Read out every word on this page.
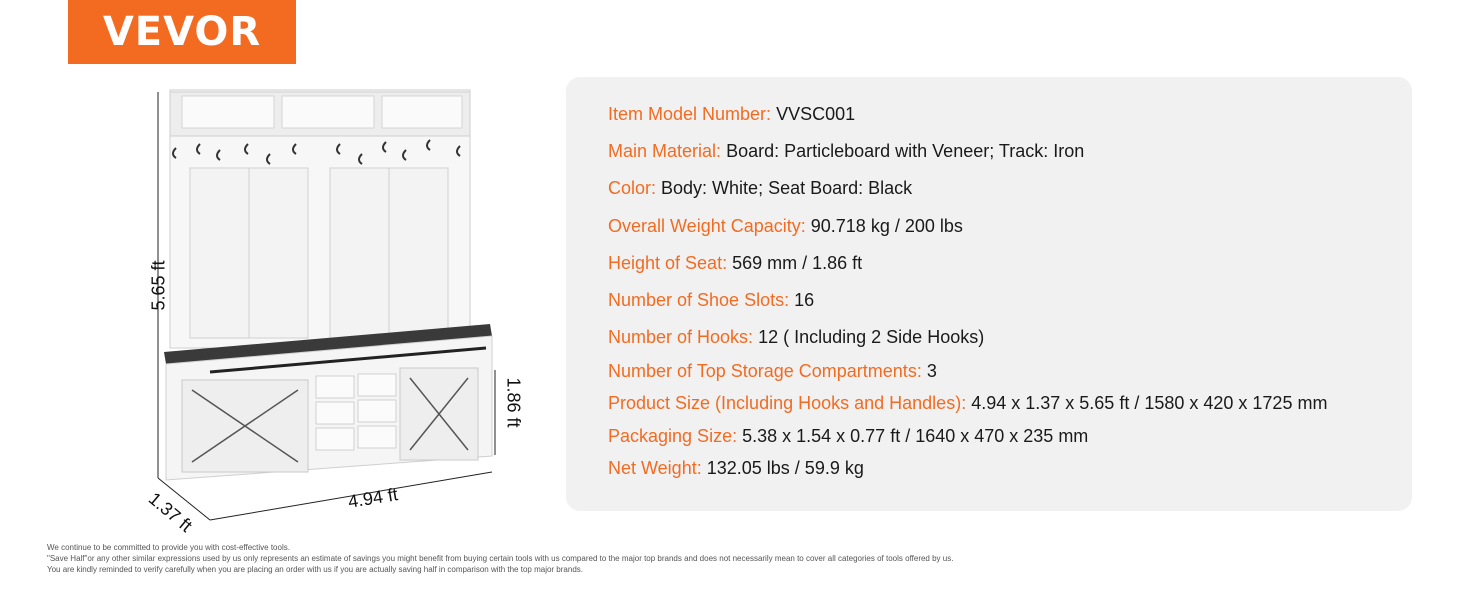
VEVOR
5.65 ft
1.86 ft
4.94 ft
1.37 ft
Item Model Number: VVSC001
Main Material: Board: Particleboard with Veneer; Track: Iron
Color: Body: White; Seat Board: Black
Overall Weight Capacity: 90.718 kg / 200 lbs
Height of Seat: 569 mm / 1.86 ft
Number of Shoe Slots: 16
Number of Hooks: 12 ( Including 2 Side Hooks)
Number of Top Storage Compartments: 3
Product Size (Including Hooks and Handles): 4.94 x 1.37 x 5.65 ft / 1580 x 420 x 1725 mm
Packaging Size: 5.38 x 1.54 x 0.77 ft / 1640 x 470 x 235 mm
Net Weight: 132.05 lbs / 59.9 kg
We continue to be committed to provide you with cost-effective tools.
"Save Half"or any other similar expressions used by us only represents an estimate of savings you might benefit from buying certain tools with us compared to the major top brands and does not necessarily mean to cover all categories of tools offered by us.
You are kindly reminded to verify carefully when you are placing an order with us if you are actually saving half in comparison with the top major brands.
